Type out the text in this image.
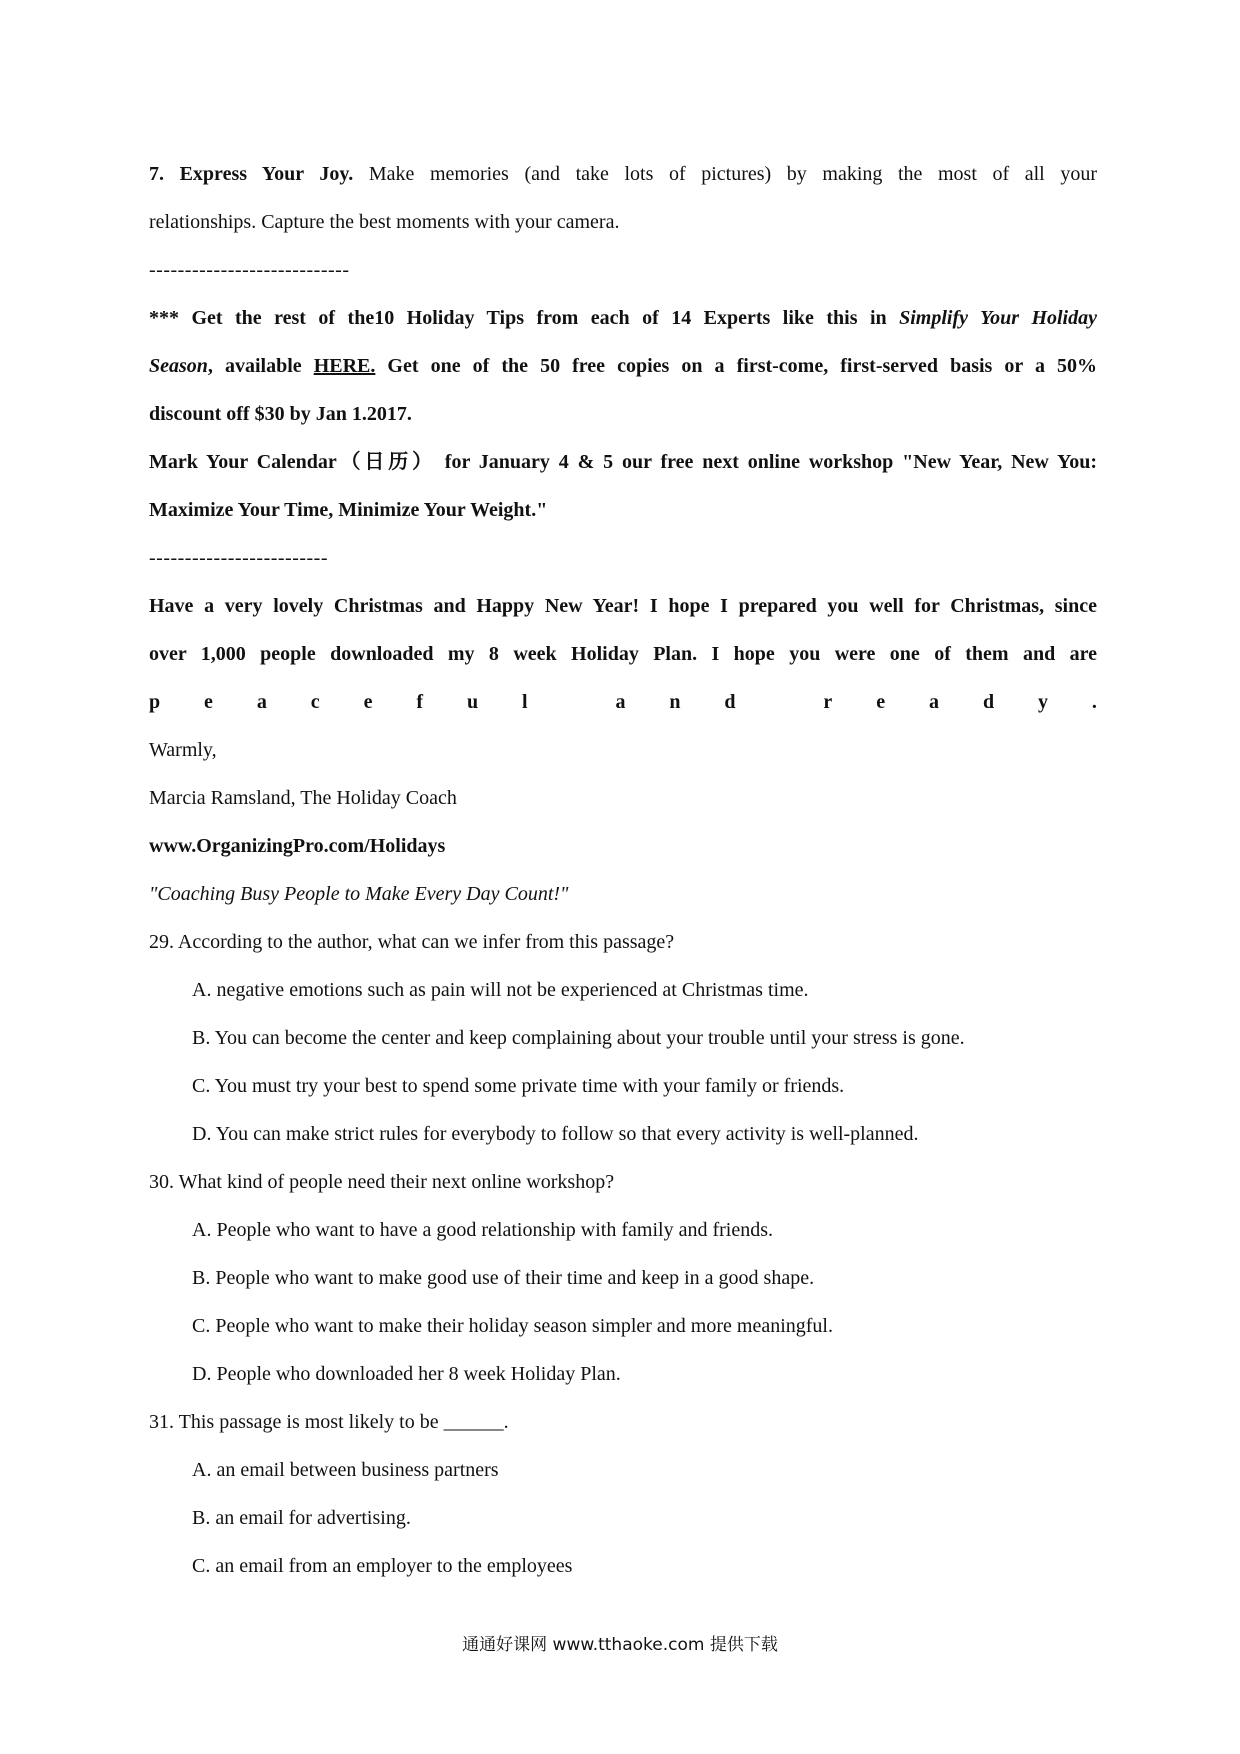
7. Express Your Joy. Make memories (and take lots of pictures) by making the most of all your
relationships. Capture the best moments with your camera.
----------------------------
*** Get the rest of the10 Holiday Tips from each of 14 Experts like this in Simplify Your Holiday
Season, available HERE. Get one of the 50 free copies on a first-come, first-served basis or a 50%
discount off $30 by Jan 1.2017.
Mark Your Calendar（日历） for January 4 & 5 our free next online workshop "New Year, New You:
Maximize Your Time, Minimize Your Weight."
-------------------------
Have a very lovely Christmas and Happy New Year! I hope I prepared you well for Christmas, since
over 1,000 people downloaded my 8 week Holiday Plan. I hope you were one of them and are
p e a c e f u l	a n d	r e a d y .
Warmly,
Marcia Ramsland, The Holiday Coach
www.OrganizingPro.com/Holidays
"Coaching Busy People to Make Every Day Count!"
29. According to the author, what can we infer from this passage?
A. negative emotions such as pain will not be experienced at Christmas time.
B. You can become the center and keep complaining about your trouble until your stress is gone.
C. You must try your best to spend some private time with your family or friends.
D. You can make strict rules for everybody to follow so that every activity is well-planned.
30. What kind of people need their next online workshop?
A. People who want to have a good relationship with family and friends.
B. People who want to make good use of their time and keep in a good shape.
C. People who want to make their holiday season simpler and more meaningful.
D. People who downloaded her 8 week Holiday Plan.
31. This passage is most likely to be ______.
A. an email between business partners
B. an email for advertising.
C. an email from an employer to the employees
通通好课网 www.tthaoke.com 提供下载
